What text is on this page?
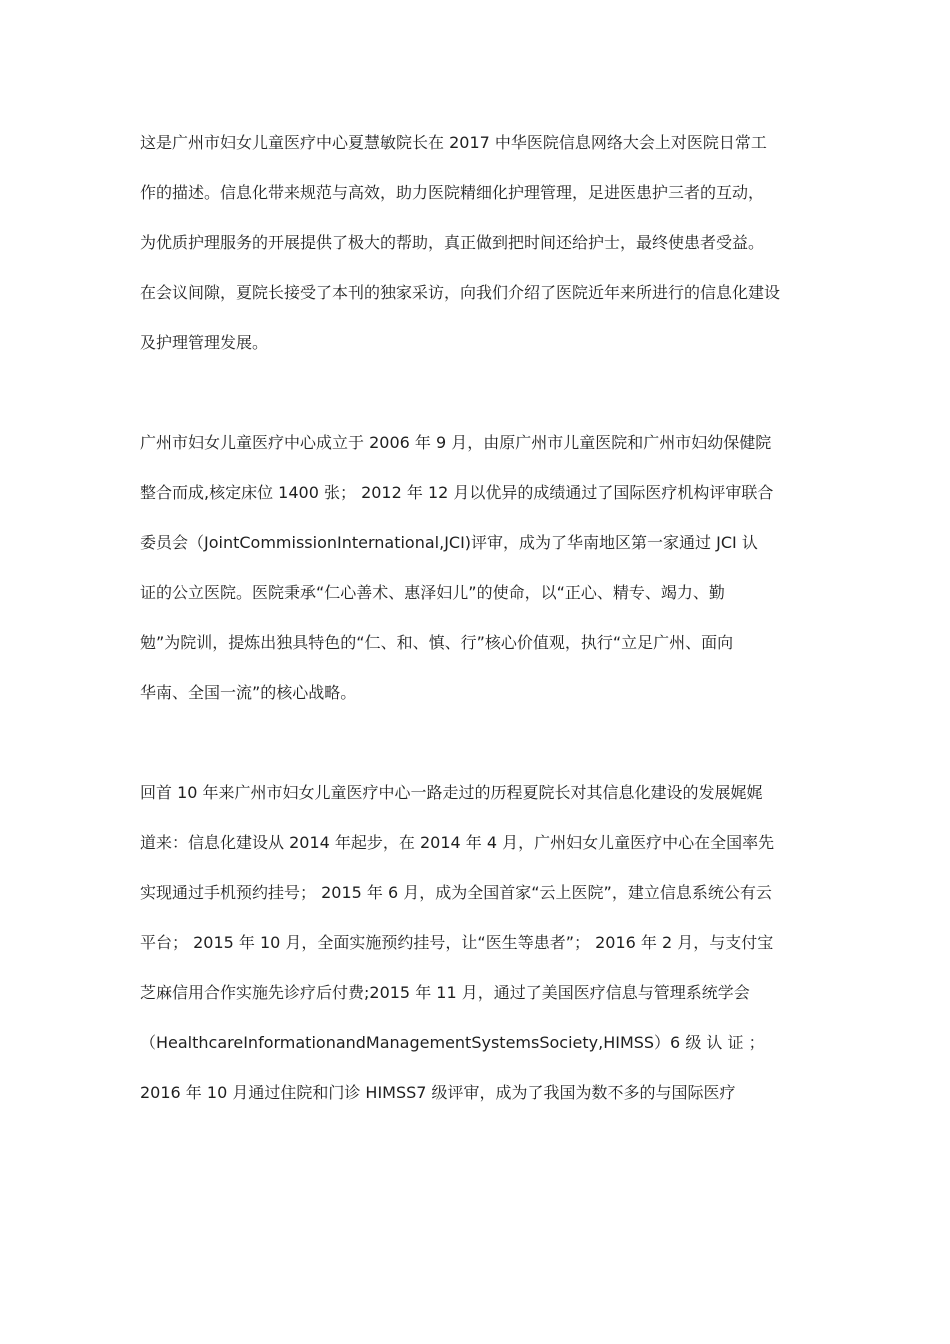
这是广州市妇女儿童医疗中心夏慧敏院长在 2017 中华医院信息网络大会上对医院日常工
作的描述。信息化带来规范与高效，助力医院精细化护理管理，足进医患护三者的互动，
为优质护理服务的开展提供了极大的帮助，真正做到把时间还给护士，最终使患者受益。
在会议间隙，夏院长接受了本刊的独家采访，向我们介绍了医院近年来所进行的信息化建设
及护理管理发展。
广州市妇女儿童医疗中心成立于 2006 年 9 月，由原广州市儿童医院和广州市妇幼保健院
整合而成,核定床位 1400 张； 2012 年 12 月以优异的成绩通过了国际医疗机构评审联合
委员会（JointCommissionInternational,JCI)评审，成为了华南地区第一家通过 JCI 认
证的公立医院。医院秉承“仁心善术、惠泽妇儿”的使命，以“正心、精专、竭力、勤
勉”为院训，提炼出独具特色的“仁、和、慎、行”核心价值观，执行“立足广州、面向
华南、全国一流”的核心战略。
回首 10 年来广州市妇女儿童医疗中心一路走过的历程夏院长对其信息化建设的发展娓娓
道来：信息化建设从 2014 年起步，在 2014 年 4 月，广州妇女儿童医疗中心在全国率先
实现通过手机预约挂号； 2015 年 6 月，成为全国首家“云上医院”，建立信息系统公有云
平台； 2015 年 10 月，全面实施预约挂号，让“医生等患者”； 2016 年 2 月，与支付宝
芝麻信用合作实施先诊疗后付费;2015 年 11 月，通过了美国医疗信息与管理系统学会
（HealthcareInformationandManagementSystemsSociety,HIMSS）6 级 认 证 ；
2016 年 10 月通过住院和门诊 HIMSS7 级评审，成为了我国为数不多的与国际医疗
